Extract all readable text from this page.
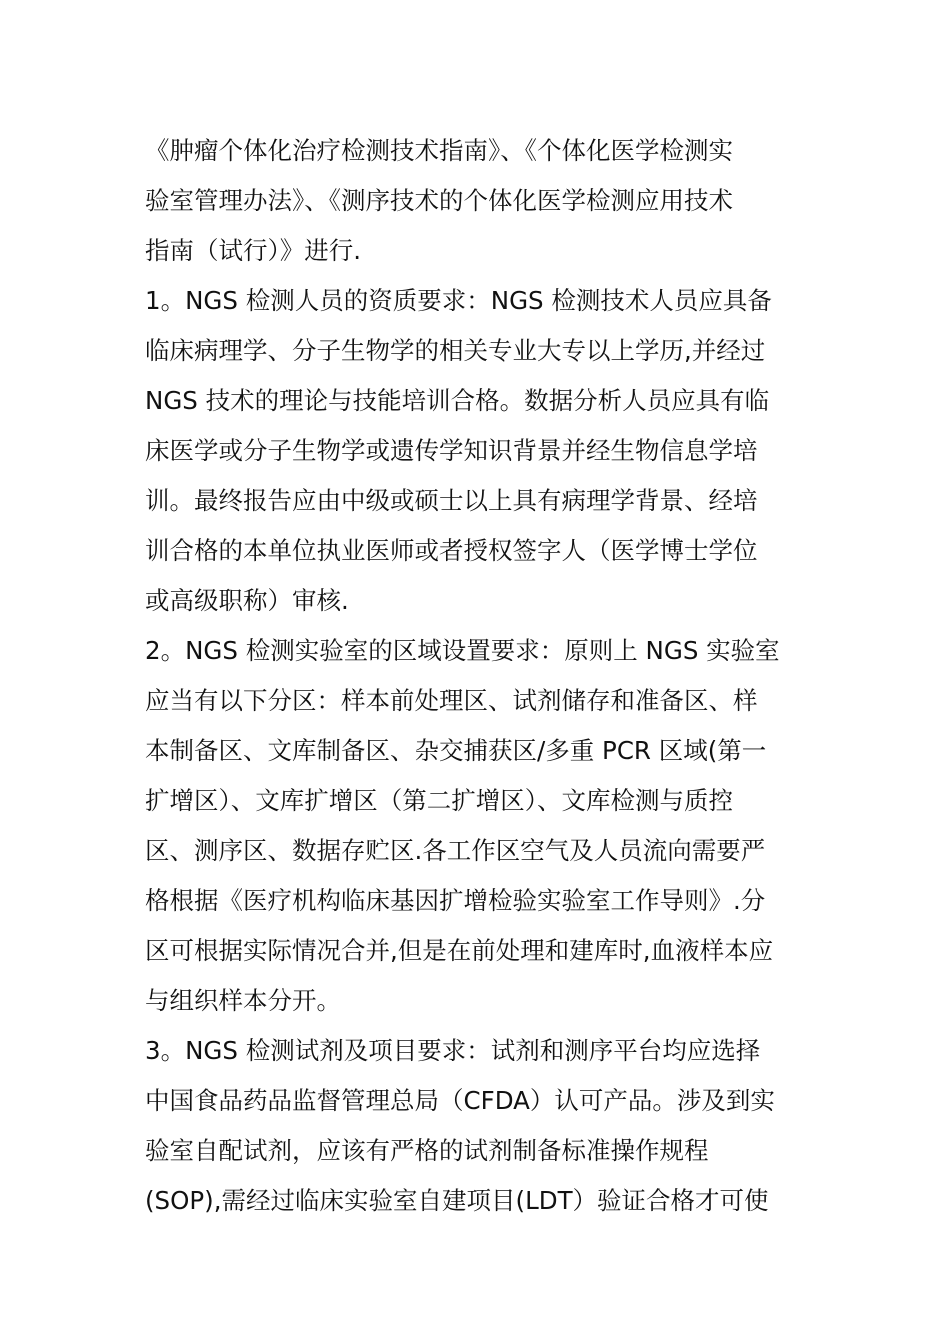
《肿瘤个体化治疗检测技术指南》、《个体化医学检测实
验室管理办法》、《测序技术的个体化医学检测应用技术
指南（试行）》进行.
1。NGS 检测人员的资质要求：NGS 检测技术人员应具备
临床病理学、分子生物学的相关专业大专以上学历,并经过
NGS 技术的理论与技能培训合格。数据分析人员应具有临
床医学或分子生物学或遗传学知识背景并经生物信息学培
训。最终报告应由中级或硕士以上具有病理学背景、经培
训合格的本单位执业医师或者授权签字人（医学博士学位
或高级职称）审核.
2。NGS 检测实验室的区域设置要求：原则上 NGS 实验室
应当有以下分区：样本前处理区、试剂储存和准备区、样
本制备区、文库制备区、杂交捕获区/多重 PCR 区域(第一
扩增区）、文库扩增区（第二扩增区）、文库检测与质控
区、测序区、数据存贮区.各工作区空气及人员流向需要严
格根据《医疗机构临床基因扩增检验实验室工作导则》.分
区可根据实际情况合并,但是在前处理和建库时,血液样本应
与组织样本分开。
3。NGS 检测试剂及项目要求：试剂和测序平台均应选择
中国食品药品监督管理总局（CFDA）认可产品。涉及到实
验室自配试剂，应该有严格的试剂制备标准操作规程
(SOP),需经过临床实验室自建项目(LDT）验证合格才可使
